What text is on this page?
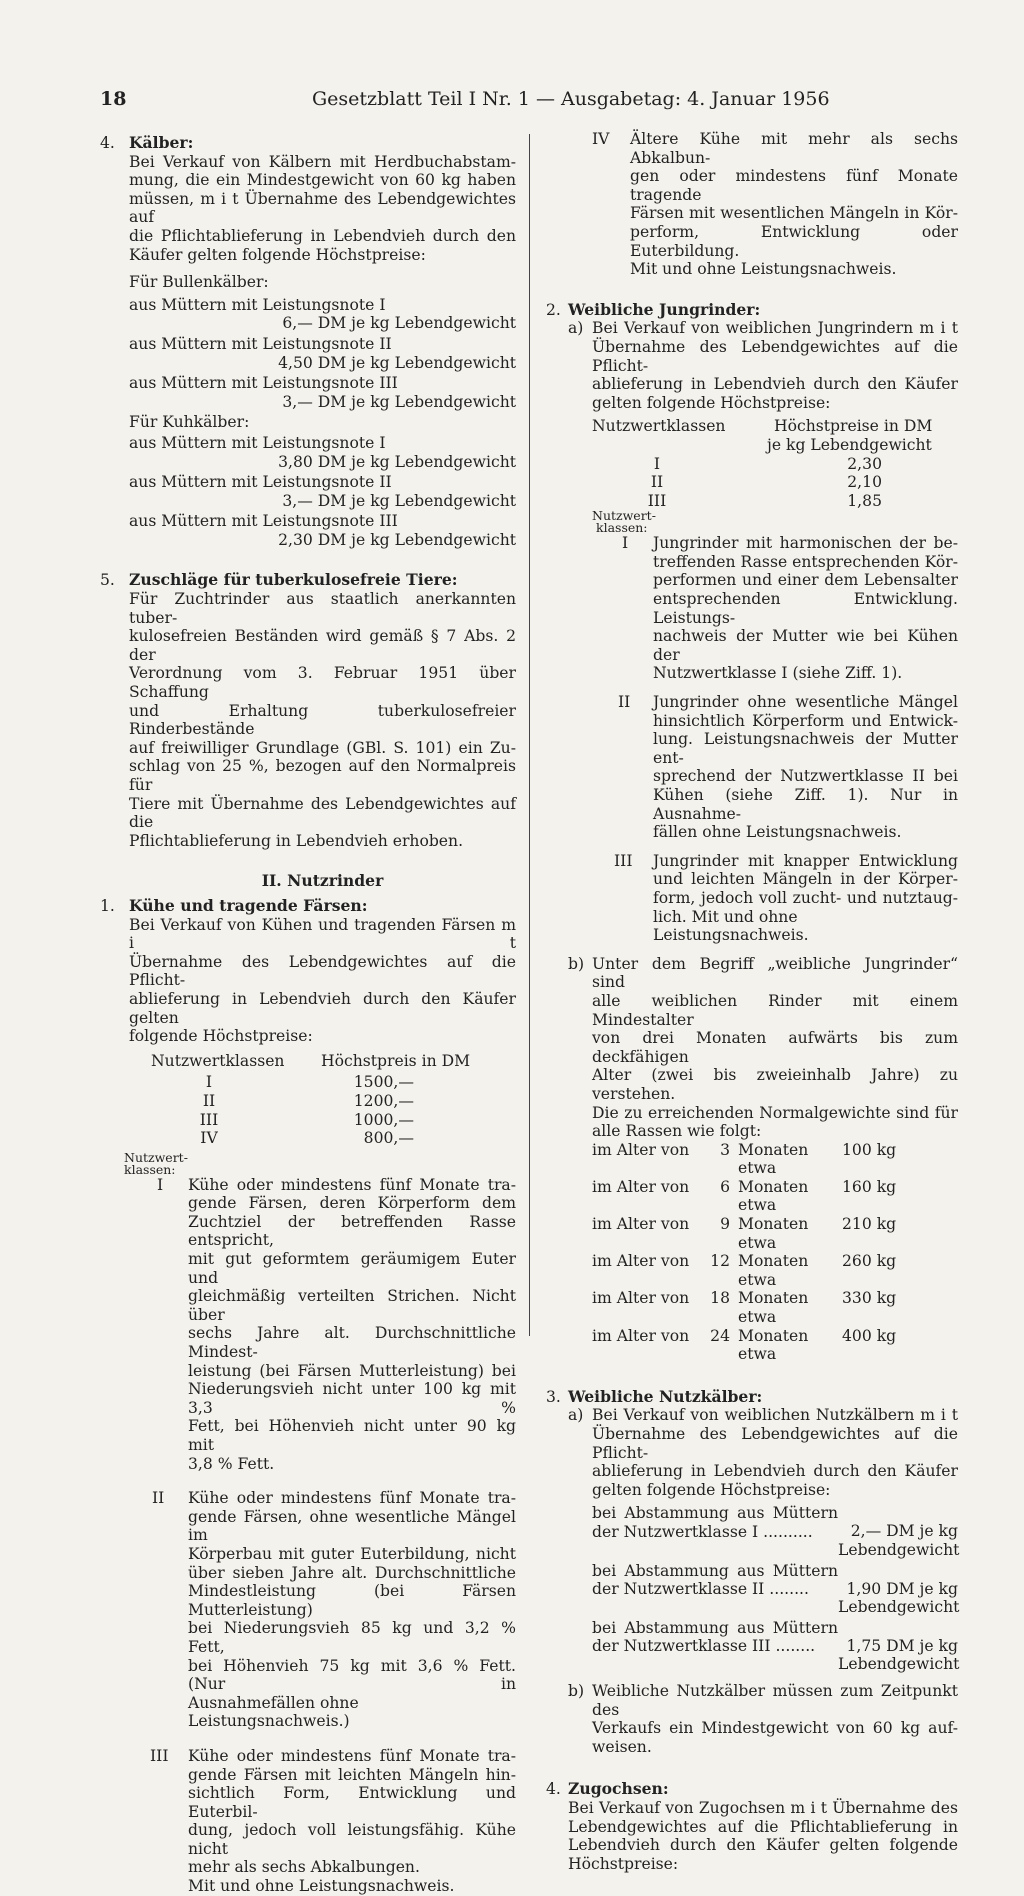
18	Gesetzblatt Teil I Nr. 1 — Ausgabetag: 4. Januar 1956
4. Kälber:

Bei Verkauf von Kälbern mit Herdbuchabstam-

mung, die ein Mindestgewicht von 60 kg haben

müssen, m i t Übernahme des Lebendgewichtes auf

die Pflichtablieferung in Lebendvieh durch den

Käufer gelten folgende Höchstpreise:

Für Bullenkälber:

aus Müttern mit Leistungsnote I

6,— DM je kg Lebendgewicht

aus Müttern mit Leistungsnote II

4,50 DM je kg Lebendgewicht

aus Müttern mit Leistungsnote III

3,— DM je kg Lebendgewicht

Für Kuhkälber:

aus Müttern mit Leistungsnote I

3,80 DM je kg Lebendgewicht

aus Müttern mit Leistungsnote II

3,— DM je kg Lebendgewicht

aus Müttern mit Leistungsnote III

2,30 DM je kg Lebendgewicht

5. Zuschläge für tuberkulosefreie Tiere:

Für Zuchtrinder aus staatlich anerkannten tuber-

kulosefreien Beständen wird gemäß § 7 Abs. 2 der

Verordnung vom 3. Februar 1951 über Schaffung

und Erhaltung tuberkulosefreier Rinderbestände

auf freiwilliger Grundlage (GBl. S. 101) ein Zu-

schlag von 25 %, bezogen auf den Normalpreis für

Tiere mit Übernahme des Lebendgewichtes auf die

Pflichtablieferung in Lebendvieh erhoben.

II. Nutzrinder

1. Kühe und tragende Färsen:

Bei Verkauf von Kühen und tragenden Färsen m i t

Übernahme des Lebendgewichtes auf die Pflicht-

ablieferung in Lebendvieh durch den Käufer gelten

folgende Höchstpreise:

Nutzwertklassen	Höchstpreis in DM
I	1500,—
II	1200,—
III	1000,—
IV	800,—
Nutzwert-
klassen:
I Kühe oder mindestens fünf Monate tra-

gende Färsen, deren Körperform dem

Zuchtziel der betreffenden Rasse entspricht,

mit gut geformtem geräumigem Euter und

gleichmäßig verteilten Strichen. Nicht über

sechs Jahre alt. Durchschnittliche Mindest-

leistung (bei Färsen Mutterleistung) bei

Niederungsvieh nicht unter 100 kg mit 3,3 %

Fett, bei Höhenvieh nicht unter 90 kg mit

3,8 % Fett.

II Kühe oder mindestens fünf Monate tra-

gende Färsen, ohne wesentliche Mängel im

Körperbau mit guter Euterbildung, nicht

über sieben Jahre alt. Durchschnittliche

Mindestleistung (bei Färsen Mutterleistung)

bei Niederungsvieh 85 kg und 3,2 % Fett,

bei Höhenvieh 75 kg mit 3,6 % Fett. (Nur in

Ausnahmefällen ohne Leistungsnachweis.)

III Kühe oder mindestens fünf Monate tra-

gende Färsen mit leichten Mängeln hin-

sichtlich Form, Entwicklung und Euterbil-

dung, jedoch voll leistungsfähig. Kühe nicht

mehr als sechs Abkalbungen.

Mit und ohne Leistungsnachweis.

IV Ältere Kühe mit mehr als sechs Abkalbun-

gen oder mindestens fünf Monate tragende

Färsen mit wesentlichen Mängeln in Kör-

perform, Entwicklung oder Euterbildung.

Mit und ohne Leistungsnachweis.

2. Weibliche Jungrinder:

a) Bei Verkauf von weiblichen Jungrindern m i t

Übernahme des Lebendgewichtes auf die Pflicht-

ablieferung in Lebendvieh durch den Käufer

gelten folgende Höchstpreise:

Nutzwertklassen	Höchstpreise in DM
je kg Lebendgewicht
I	2,30
II	2,10
III	1,85
Nutzwert-
klassen:
I Jungrinder mit harmonischen der be-

treffenden Rasse entsprechenden Kör-

performen und einer dem Lebensalter

entsprechenden Entwicklung. Leistungs-

nachweis der Mutter wie bei Kühen der

Nutzwertklasse I (siehe Ziff. 1).

II Jungrinder ohne wesentliche Mängel

hinsichtlich Körperform und Entwick-

lung. Leistungsnachweis der Mutter ent-

sprechend der Nutzwertklasse II bei

Kühen (siehe Ziff. 1). Nur in Ausnahme-

fällen ohne Leistungsnachweis.

III Jungrinder mit knapper Entwicklung

und leichten Mängeln in der Körper-

form, jedoch voll zucht- und nutztaug-

lich. Mit und ohne Leistungsnachweis.

b) Unter dem Begriff „weibliche Jungrinder“ sind

alle weiblichen Rinder mit einem Mindestalter

von drei Monaten aufwärts bis zum deckfähigen

Alter (zwei bis zweieinhalb Jahre) zu verstehen.

Die zu erreichenden Normalgewichte sind für

alle Rassen wie folgt:

im Alter von	3 Monaten etwa
100 kg
im Alter von	6 Monaten etwa
160 kg
im Alter von	9 Monaten etwa
210 kg
im Alter von	12 Monaten etwa
260 kg
im Alter von	18 Monaten etwa
330 kg
im Alter von	24 Monaten etwa
400 kg
3. Weibliche Nutzkälber:

a) Bei Verkauf von weiblichen Nutzkälbern m i t

Übernahme des Lebendgewichtes auf die Pflicht-

ablieferung in Lebendvieh durch den Käufer

gelten folgende Höchstpreise:

bei Abstammung aus Müttern

der Nutzwertklasse I ..........	2,— DM je kg

Lebendgewicht

bei Abstammung aus Müttern

der Nutzwertklasse II ........	1,90 DM je kg

Lebendgewicht

bei Abstammung aus Müttern

der Nutzwertklasse III ........	1,75 DM je kg

Lebendgewicht

b) Weibliche Nutzkälber müssen zum Zeitpunkt des

Verkaufs ein Mindestgewicht von 60 kg auf-

weisen.

4. Zugochsen:

Bei Verkauf von Zugochsen m i t Übernahme des

Lebendgewichtes auf die Pflichtablieferung in

Lebendvieh durch den Käufer gelten folgende

Höchstpreise:
